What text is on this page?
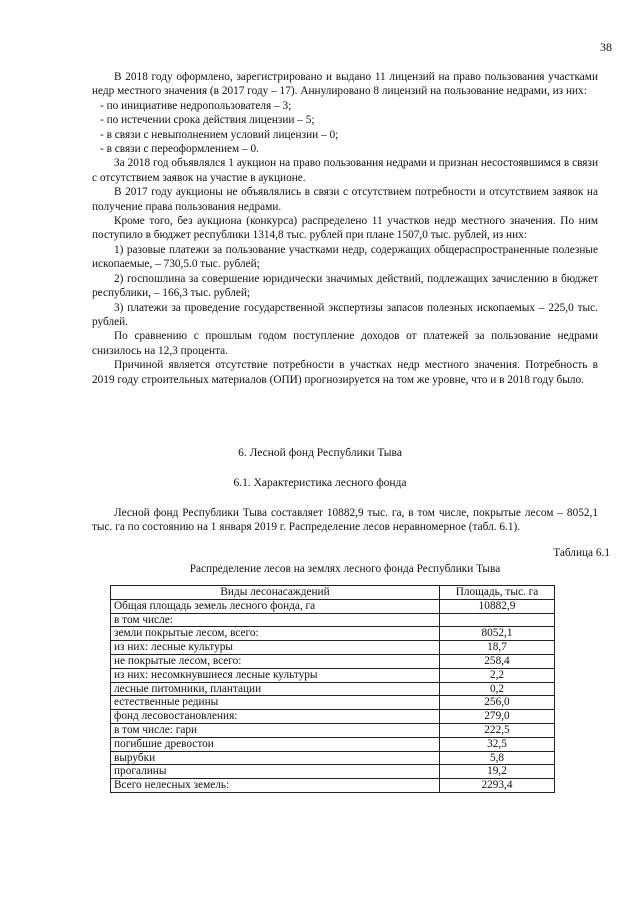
38

В 2018 году оформлено, зарегистрировано и выдано 11 лицензий на право пользования участками недр местного значения (в 2017 году – 17). Аннулировано 8 лицензий на пользование недрами, из них:

- по инициативе недропользователя – 3;

- по истечении срока действия лицензии – 5;

- в связи с невыполнением условий лицензии – 0;

- в связи с переоформлением – 0.

За 2018 год объявлялся 1 аукцион на право пользования недрами и признан несостоявшимся в связи с отсутствием заявок на участие в аукционе.

В 2017 году аукционы не объявлялись в связи с отсутствием потребности и отсутствием заявок на получение права пользования недрами.

Кроме того, без аукциона (конкурса) распределено 11 участков недр местного значения. По ним поступило в бюджет республики 1314,8 тыс. рублей при плане 1507,0 тыс. рублей, из них:

1) разовые платежи за пользование участками недр, содержащих общераспространенные полезные ископаемые, – 730,5.0 тыс. рублей;

2) госпошлина за совершение юридически значимых действий, подлежащих зачислению в бюджет республики, – 166,3 тыс. рублей;

3) платежи за проведение государственной экспертизы запасов полезных ископаемых – 225,0 тыс. рублей.

По сравнению с прошлым годом поступление доходов от платежей за пользование недрами снизилось на 12,3 процента.

Причиной является отсутствие потребности в участках недр местного значения. Потребность в 2019 году строительных материалов (ОПИ) прогнозируется на том же уровне, что и в 2018 году было.

6. Лесной фонд Республики Тыва
6.1. Характеристика лесного фонда

Лесной фонд Республики Тыва составляет 10882,9 тыс. га, в том числе, покрытые лесом – 8052,1 тыс. га по состоянию на 1 января 2019 г. Распределение лесов неравномерное (табл. 6.1).

Таблица 6.1
Распределение лесов на землях лесного фонда Республики Тыва
Виды лесонасаждений	Площадь, тыс. га
Общая площадь земель лесного фонда, га	10882,9
в том числе:	
земли покрытые лесом, всего:	8052,1
из них: лесные культуры	18,7
не покрытые лесом, всего:	258,4
из них: несомкнувшиеся лесные культуры	2,2
лесные питомники, плантации	0,2
естественные редины	256,0
фонд лесовостановления:	279,0
в том числе: гари	222,5
погибшие древостои	32,5
вырубки	5,8
прогалины	19,2
Всего нелесных земель:	2293,4
